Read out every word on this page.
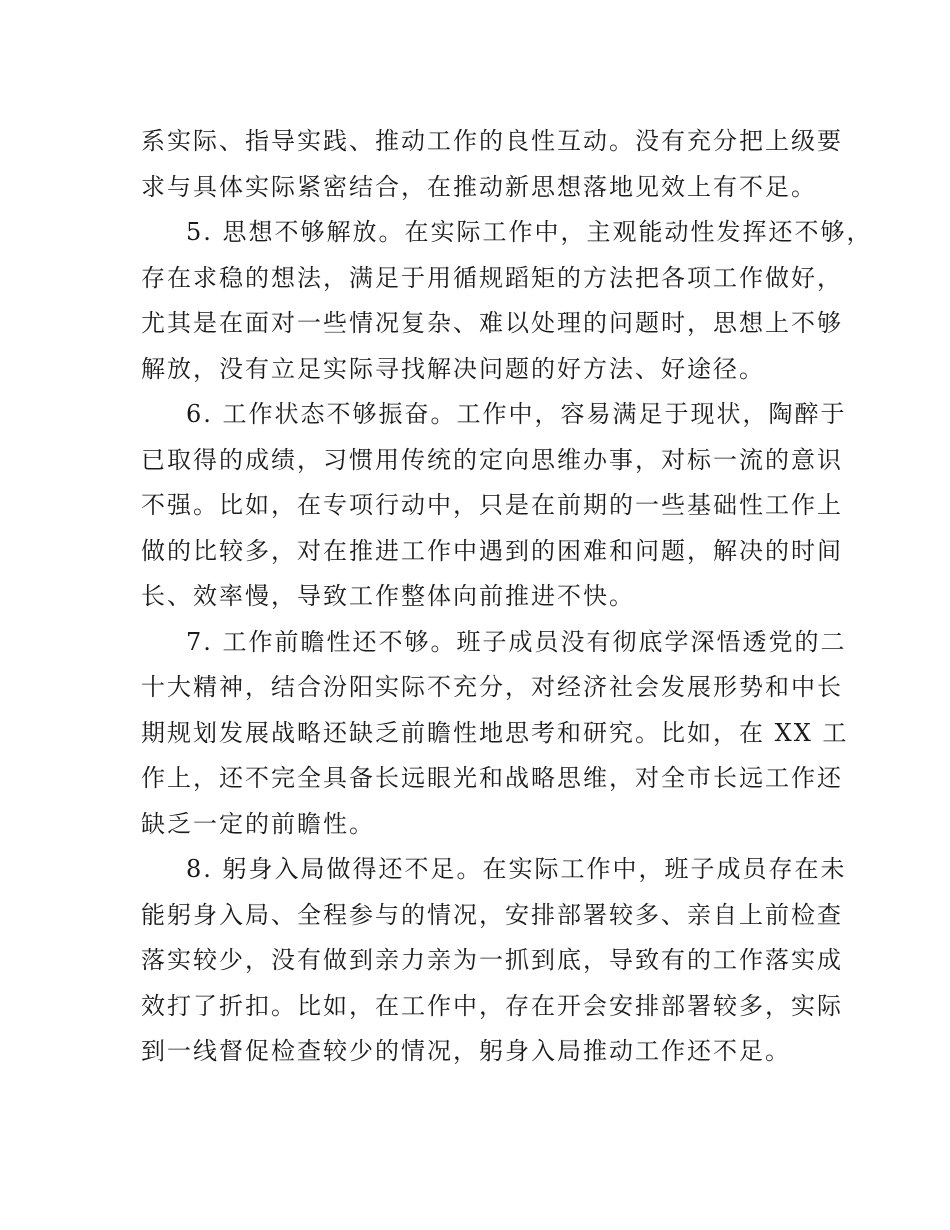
系实际、指导实践、推动工作的良性互动。没有充分把上级要
求与具体实际紧密结合，在推动新思想落地见效上有不足。
5. 思想不够解放。在实际工作中，主观能动性发挥还不够，
存在求稳的想法，满足于用循规蹈矩的方法把各项工作做好，
尤其是在面对一些情况复杂、难以处理的问题时，思想上不够
解放，没有立足实际寻找解决问题的好方法、好途径。
6. 工作状态不够振奋。工作中，容易满足于现状，陶醉于
已取得的成绩，习惯用传统的定向思维办事，对标一流的意识
不强。比如，在专项行动中，只是在前期的一些基础性工作上
做的比较多，对在推进工作中遇到的困难和问题，解决的时间
长、效率慢，导致工作整体向前推进不快。
7. 工作前瞻性还不够。班子成员没有彻底学深悟透党的二
十大精神，结合汾阳实际不充分，对经济社会发展形势和中长
期规划发展战略还缺乏前瞻性地思考和研究。比如，在 XX 工
作上，还不完全具备长远眼光和战略思维，对全市长远工作还
缺乏一定的前瞻性。
8. 躬身入局做得还不足。在实际工作中，班子成员存在未
能躬身入局、全程参与的情况，安排部署较多、亲自上前检查
落实较少，没有做到亲力亲为一抓到底，导致有的工作落实成
效打了折扣。比如，在工作中，存在开会安排部署较多，实际
到一线督促检查较少的情况，躬身入局推动工作还不足。
